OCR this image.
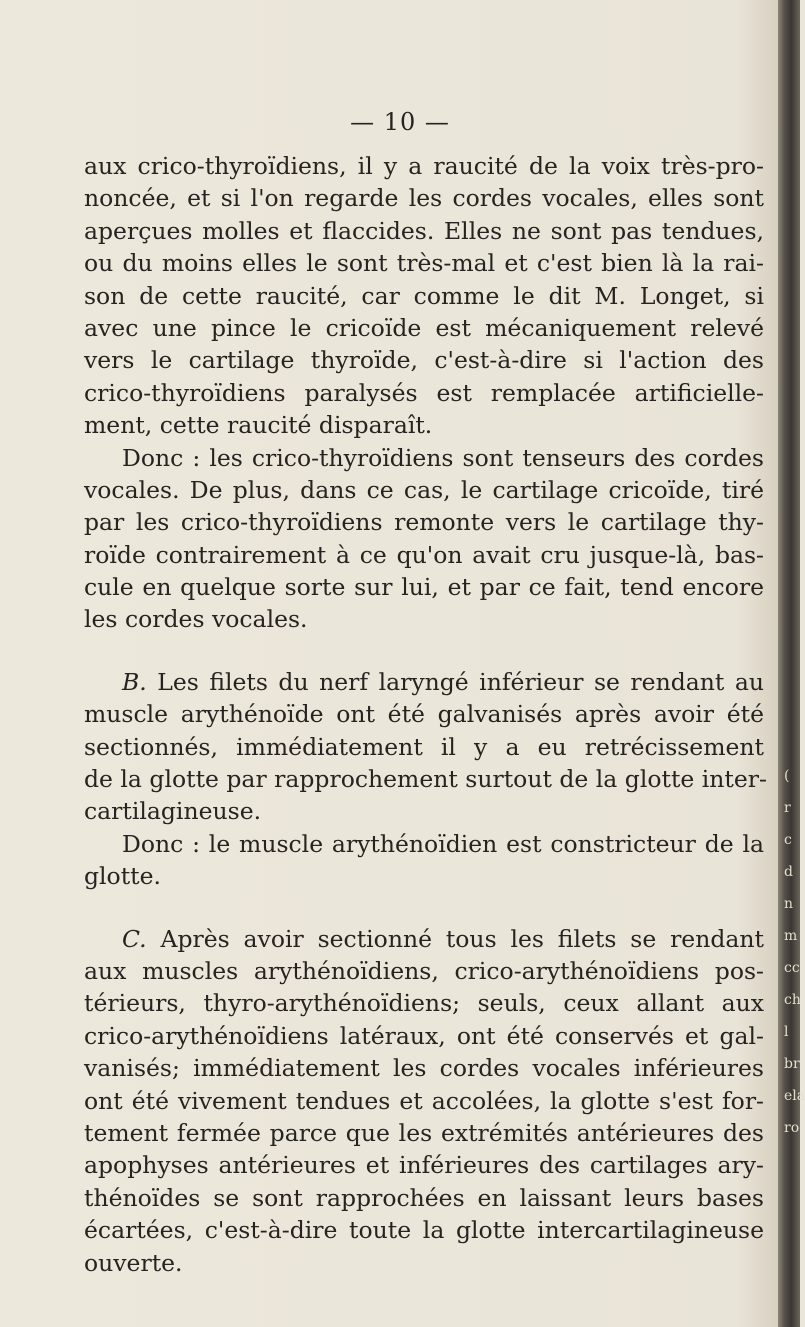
— 10 —
aux crico-thyroïdiens, il y a raucité de la voix très-pro-
noncée, et si l'on regarde les cordes vocales, elles sont
aperçues molles et flaccides. Elles ne sont pas tendues,
ou du moins elles le sont très-mal et c'est bien là la rai-
son de cette raucité, car comme le dit M. Longet, si
avec une pince le cricoïde est mécaniquement relevé
vers le cartilage thyroïde, c'est-à-dire si l'action des
crico-thyroïdiens paralysés est remplacée artificielle-
ment, cette raucité disparaît.
Donc : les crico-thyroïdiens sont tenseurs des cordes
vocales. De plus, dans ce cas, le cartilage cricoïde, tiré
par les crico-thyroïdiens remonte vers le cartilage thy-
roïde contrairement à ce qu'on avait cru jusque-là, bas-
cule en quelque sorte sur lui, et par ce fait, tend encore
les cordes vocales.
B. Les filets du nerf laryngé inférieur se rendant au
muscle arythénoïde ont été galvanisés après avoir été
sectionnés, immédiatement il y a eu retrécissement
de la glotte par rapprochement surtout de la glotte inter-
cartilagineuse.
Donc : le muscle arythénoïdien est constricteur de la
glotte.
C. Après avoir sectionné tous les filets se rendant
aux muscles arythénoïdiens, crico-arythénoïdiens pos-
térieurs, thyro-arythénoïdiens; seuls, ceux allant aux
crico-arythénoïdiens latéraux, ont été conservés et gal-
vanisés; immédiatement les cordes vocales inférieures
ont été vivement tendues et accolées, la glotte s'est for-
tement fermée parce que les extrémités antérieures des
apophyses antérieures et inférieures des cartilages ary-
thénoïdes se sont rapprochées en laissant leurs bases
écartées, c'est-à-dire toute la glotte intercartilagineuse
ouverte.
(
r
c
d
n
m
cc
ch
l
br
ela
ro
